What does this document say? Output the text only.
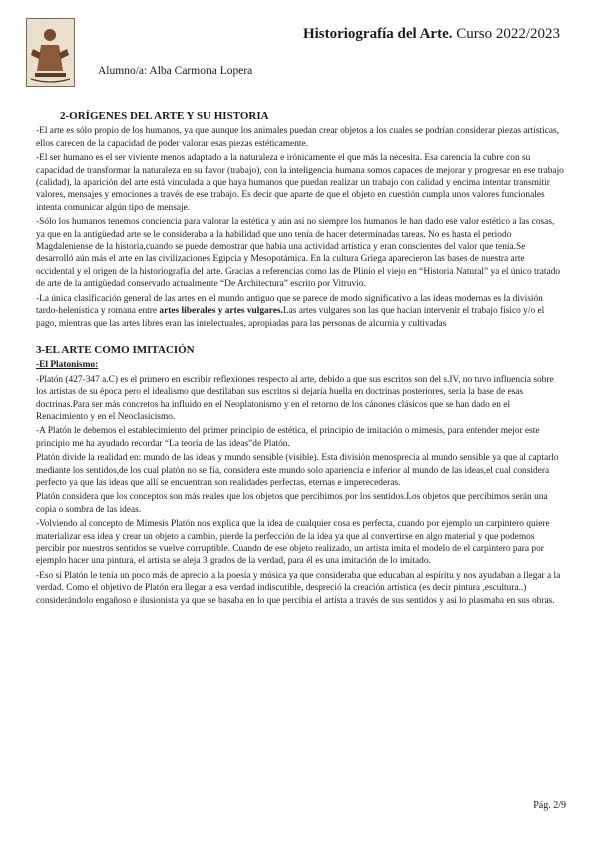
Historiografía del Arte. Curso 2022/2023
Alumno/a: Alba Carmona Lopera
2-ORÍGENES DEL ARTE Y SU HISTORIA

-El arte es sólo propio de los humanos, ya que aunque los animales puedan crear objetos a los cuales se podrían considerar piezas artísticas, ellos carecen de la capacidad de poder valorar esas piezas estéticamente.

-El ser humano es el ser viviente menos adaptado a la naturaleza e irónicamente el que más la necesita. Esa carencia la cubre con su capacidad de transformar la naturaleza en su favor (trabajo), con la inteligencia humana somos capaces de mejorar y progresar en ese trabajo (calidad), la aparición del arte está vinculada a que haya humanos que puedan realizar un trabajo con calidad y encima intentar transmitir valores, mensajes y emociones a través de ese trabajo. Es decir que aparte de que el objeto en cuestión cumpla unos valores funcionales intenta comunicar algún tipo de mensaje.

-Sólo los humanos tenemos conciencia para valorar la estética y aún así no siempre los humanos le han dado ese valor estético a las cosas, ya que en la antigüedad arte se le consideraba a la habilidad que uno tenía de hacer determinadas tareas. No es hasta el periodo Magdaleniense de la historia,cuando se puede demostrar que había una actividad artística y eran conscientes del valor que tenía.Se desarrolló aún más el arte en las civilizaciones Egipcia y Mesopotámica. En la cultura Griega aparecieron las bases de nuestra arte occidental y el origen de la historiografía del arte. Gracias a referencias como las de Plinio el viejo en “Historia Natural” ya el único tratado de arte de la antigüedad conservado actualmente “De Architectura” escrito por Vitruvio.

-La única clasificación general de las artes en el mundo antiguo que se parece de modo significativo a las ideas modernas es la división tardo-helenística y romana entre artes liberales y artes vulgares.Las artes vulgares son las que hacían intervenir el trabajo físico y/o el pago, mientras que las artes libres eran las intelectuales, apropiadas para las personas de alcurnia y cultivadas

3-EL ARTE COMO IMITACIÓN
-El Platonismo:

-Platón (427-347 a.C) es el primero en escribir reflexiones respecto al arte, debido a que sus escritos son del s.IV, no tuvo influencia sobre los artistas de su época pero el idealismo que destilaban sus escritos si dejaría huella en doctrinas posteriores, sería la base de esas doctrinas.Para ser más concretos ha influido en el Neoplatonismo y en el retorno de los cánones clásicos que se han dado en el Renacimiento y en el Neoclasicismo.

-A Platón le debemos el establecimiento del primer principio de estética, el principio de imitación o mímesis, para entender mejor este principio me ha ayudado recordar “La teoría de las ideas”de Platón.

Platón divide la realidad en: mundo de las ideas y mundo sensible (visible). Esta división menosprecia al mundo sensible ya que al captarlo mediante los sentidos,de los cual platón no se fía, considera este mundo solo apariencia e inferior al mundo de las ideas,el cual considera perfecto ya que las ideas que allí se encuentran son realidades perfectas, eternas e imperecederas.

Platón considera que los conceptos son más reales que los objetos que percibimos por los sentidos.Los objetos que percibimos serán una copia o sombra de las ideas.

-Volviendo al concepto de Mímesis Platón nos explica que la idea de cualquier cosa es perfecta, cuando por ejemplo un carpintero quiere materializar esa idea y crear un objeto a cambio, pierde la perfección de la idea ya que al convertirse en algo material y que podemos percibir por nuestros sentidos se vuelve corruptible. Cuando de ese objeto realizado, un artista imita el modelo de el carpintero para por ejemplo hacer una pintura, el artista se aleja 3 grados de la verdad, para él es una imitación de lo imitado.

-Eso sí Platón le tenía un poco más de aprecio a la poesía y música ya que consideraba que educaban al espíritu y nos ayudaban a llegar a la verdad. Como el objetivo de Platón era llegar a esa verdad indiscutible, despreció la creación artística (es decir pintura ,escultura..) considerándolo engañoso e ilusionista ya que se basaba en lo que percibía el artista a través de sus sentidos y así lo plasmaba en sus obras.

Pág. 2/9
